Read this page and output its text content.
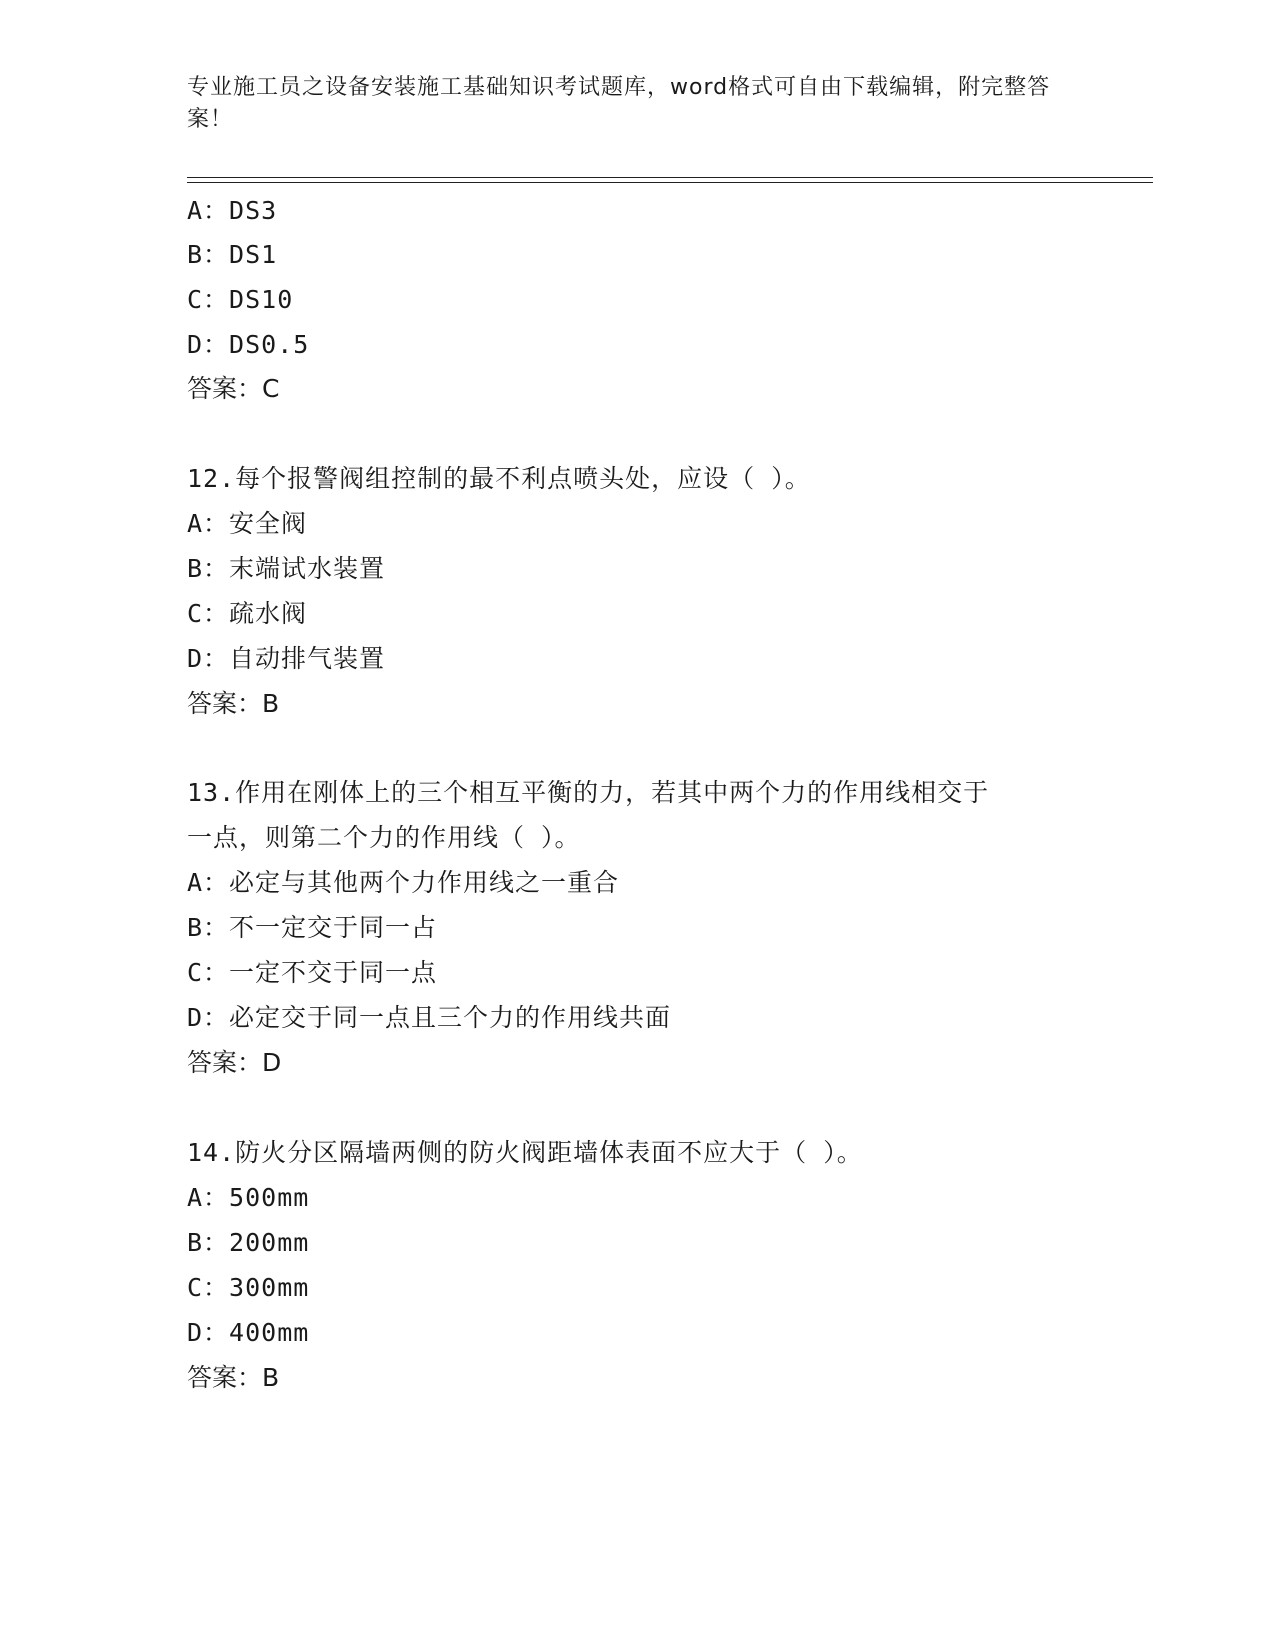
专业施工员之设备安装施工基础知识考试题库，word格式可自由下载编辑，附完整答案！
A：DS3
B：DS1
C：DS10
D：DS0.5
答案：C
12.每个报警阀组控制的最不利点喷头处，应设（ ）。
A：安全阀
B：末端试水装置
C：疏水阀
D：自动排气装置
答案：B
13.作用在刚体上的三个相互平衡的力，若其中两个力的作用线相交于
一点，则第二个力的作用线（ ）。
A：必定与其他两个力作用线之一重合
B：不一定交于同一占
C：一定不交于同一点
D：必定交于同一点且三个力的作用线共面
答案：D
14.防火分区隔墙两侧的防火阀距墙体表面不应大于（ ）。
A：500mm
B：200mm
C：300mm
D：400mm
答案：B
